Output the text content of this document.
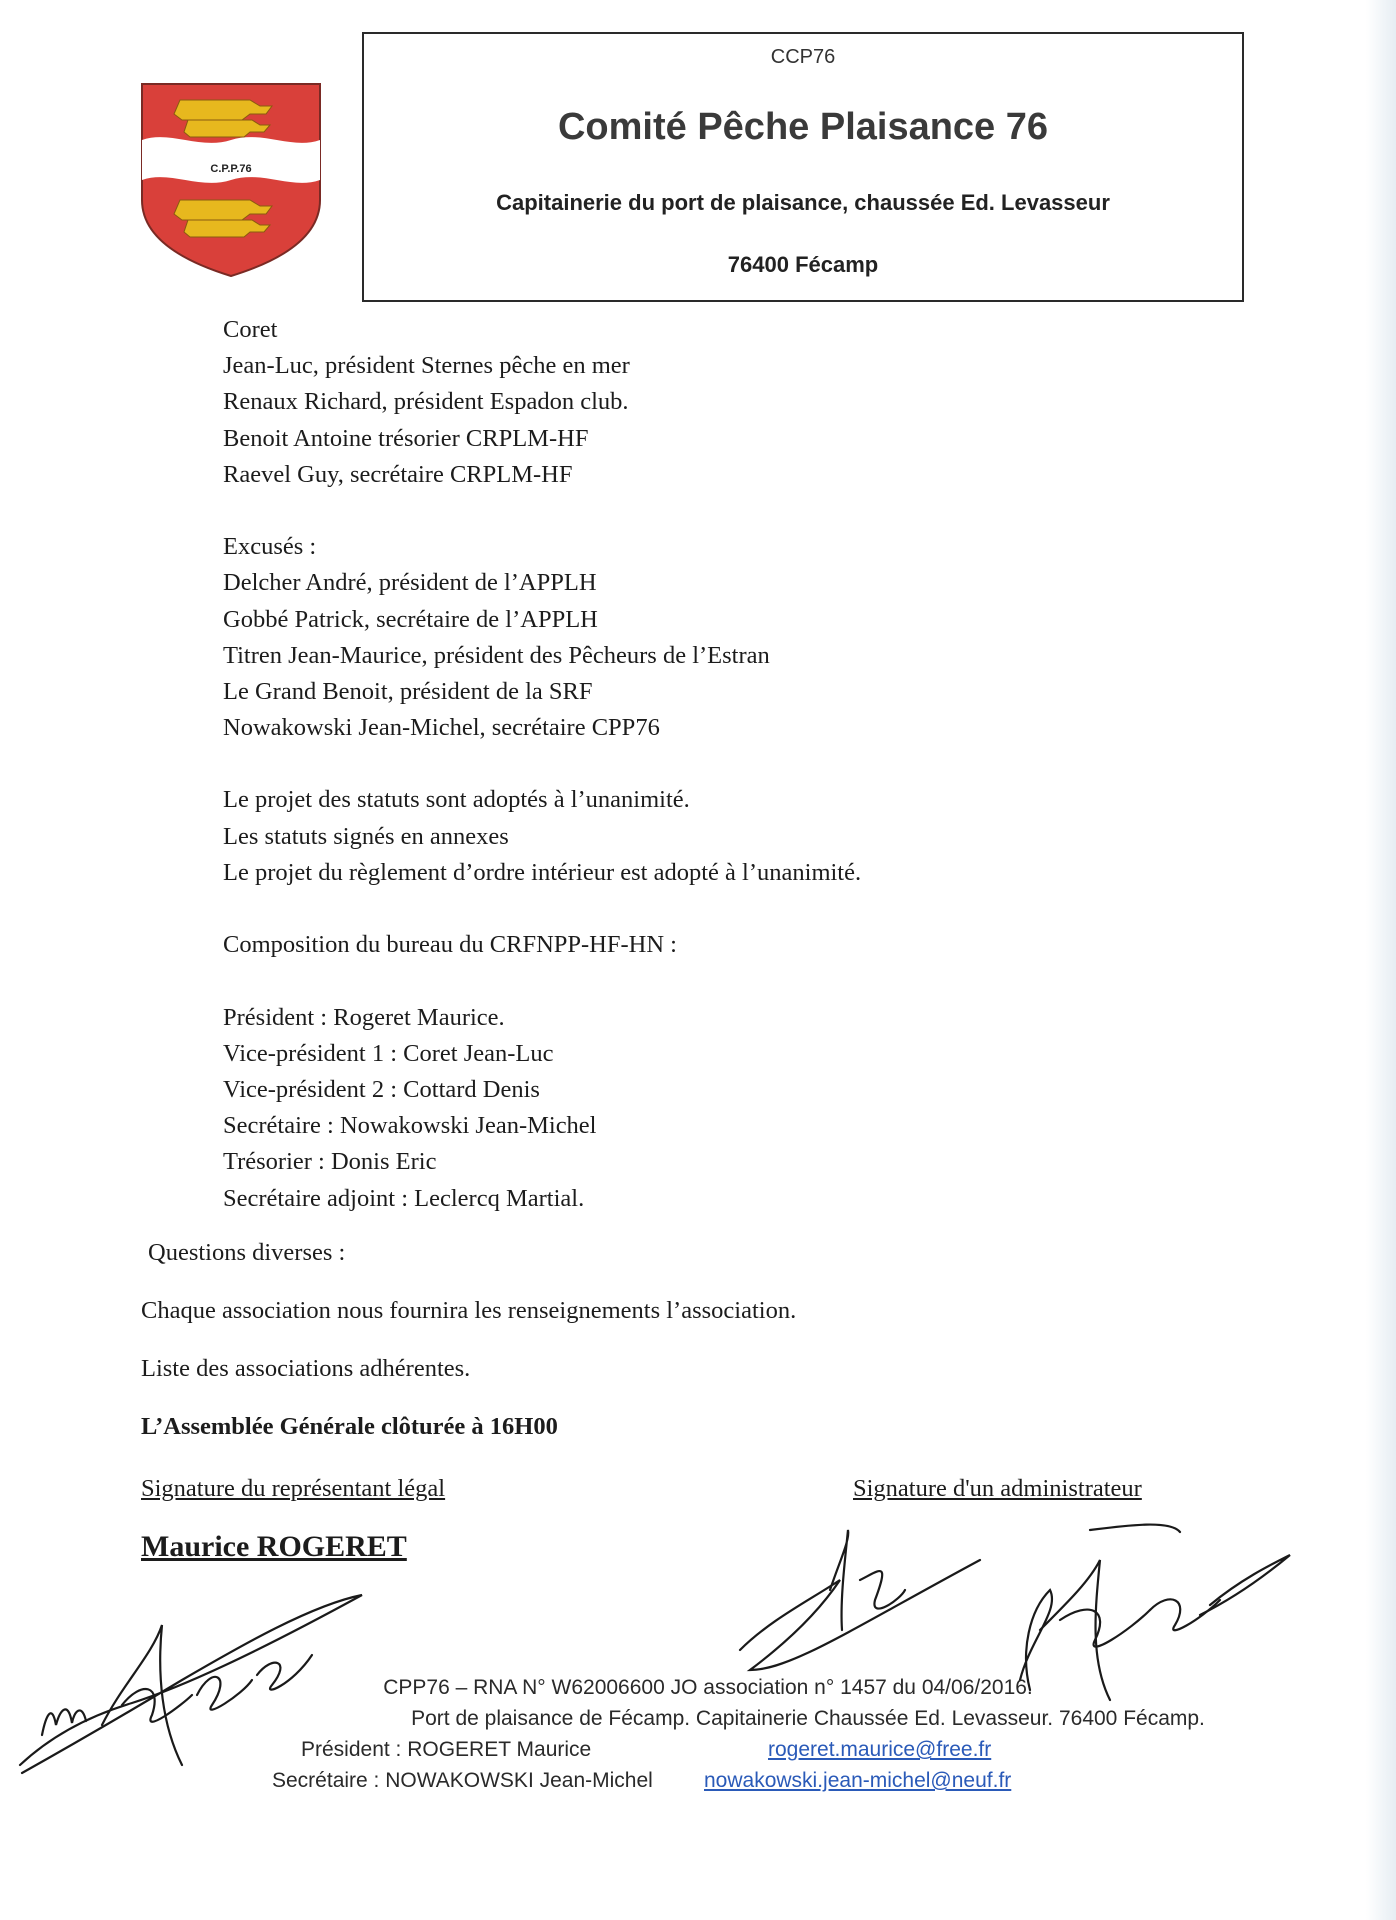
C.P.P.76
CCP76
Comité Pêche Plaisance 76
Capitainerie du port de plaisance, chaussée Ed. Levasseur
76400 Fécamp
Coret
Jean-Luc, président Sternes pêche en mer
Renaux Richard, président Espadon club.
Benoit Antoine trésorier CRPLM-HF
Raevel Guy, secrétaire CRPLM-HF
Excusés :
Delcher André, président de l’APPLH
Gobbé Patrick, secrétaire de l’APPLH
Titren Jean-Maurice, président des Pêcheurs de l’Estran
Le Grand Benoit, président de la SRF
Nowakowski Jean-Michel, secrétaire CPP76
Le projet des statuts sont adoptés à l’unanimité.
Les statuts signés en annexes
Le projet du règlement d’ordre intérieur est adopté à l’unanimité.
Composition du bureau du CRFNPP-HF-HN :
Président : Rogeret Maurice.
Vice-président 1 : Coret Jean-Luc
Vice-président 2 : Cottard Denis
Secrétaire : Nowakowski Jean-Michel
Trésorier : Donis Eric
Secrétaire adjoint : Leclercq Martial.
Questions diverses :
Chaque association nous fournira les renseignements l’association.
Liste des associations adhérentes.
L’Assemblée Générale clôturée à 16H00
Signature du représentant légal	Signature d'un administrateur
Maurice ROGERET
CPP76 – RNA N° W62006600 JO association n° 1457 du 04/06/2016.
Port de plaisance de Fécamp. Capitainerie Chaussée Ed. Levasseur. 76400 Fécamp.
Président : ROGERET Maurice	rogeret.maurice@free.fr
Secrétaire : NOWAKOWSKI Jean-Michel nowakowski.jean-michel@neuf.fr
